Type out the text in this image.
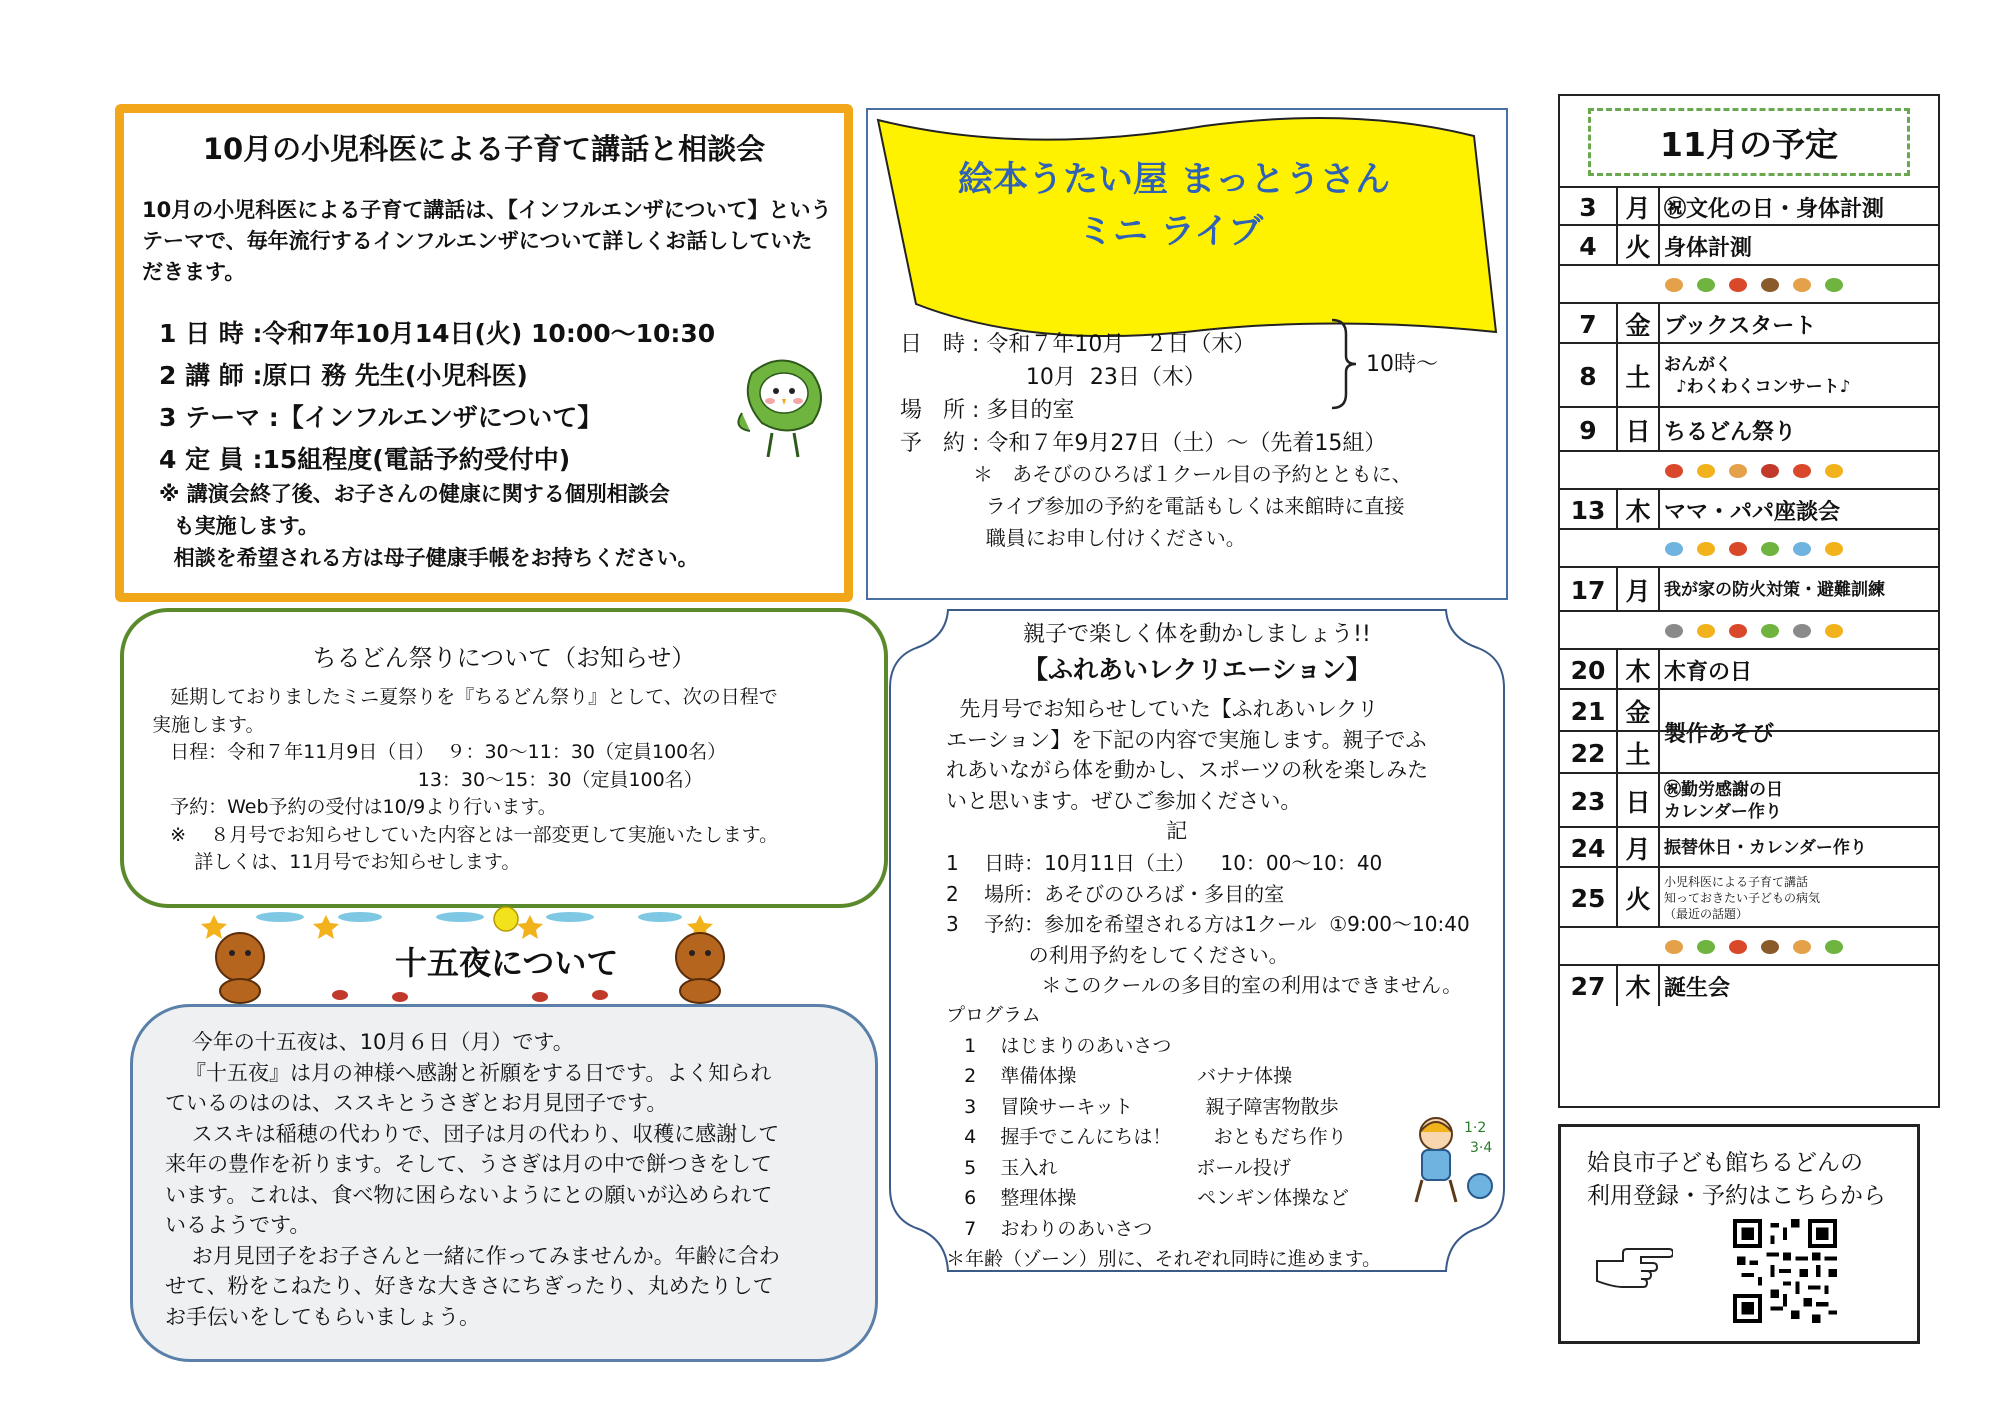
10月の小児科医による子育て講話と相談会
10月の小児科医による子育て講話は、【インフルエンザについて】というテーマで、毎年流行するインフルエンザについて詳しくお話ししていただきます。
1 日 時 :令和7年10月14日(火) 10:00～10:30
2 講 師 :原口 務 先生(小児科医)
3 テーマ :【インフルエンザについて】
4 定 員 :15組程度(電話予約受付中)
※ 講演会終了後、お子さんの健康に関する個別相談会
も実施します。
相談を希望される方は母子健康手帳をお持ちください。
絵本うたい屋 まっとうさん
ミニ ライブ
日   時 : 令和７年10月   ２日（木）
10月  23日（木）
場   所 : 多目的室
予   約 : 令和７年9月27日（土）～（先着15組）
10時～
＊   あそびのひろば１クール目の予約とともに、
ライブ参加の予約を電話もしくは来館時に直接
職員にお申し付けください。
ちるどん祭りについて（お知らせ）
延期しておりましたミニ夏祭りを『ちるどん祭り』として、次の日程で
実施します。
日程：令和７年11月9日（日）  ９：30～11：30（定員100名）
13：30～15：30（定員100名）
予約：Web予約の受付は10/9より行います。
※    ８月号でお知らせしていた内容とは一部変更して実施いたします。
詳しくは、11月号でお知らせします。
十五夜について
今年の十五夜は、10月６日（月）です。
『十五夜』は月の神様へ感謝と祈願をする日です。よく知られ
ているのはのは、ススキとうさぎとお月見団子です。
ススキは稲穂の代わりで、団子は月の代わり、収穫に感謝して
来年の豊作を祈ります。そして、うさぎは月の中で餅つきをして
います。これは、食べ物に困らないようにとの願いが込められて
いるようです。
お月見団子をお子さんと一緒に作ってみませんか。年齢に合わ
せて、粉をこねたり、好きな大きさにちぎったり、丸めたりして
お手伝いをしてもらいましょう。
親子で楽しく体を動かしましょう!!
【ふれあいレクリエーション】
先月号でお知らせしていた【ふれあいレクリ
エーション】を下記の内容で実施します。親子でふ
れあいながら体を動かし、スポーツの秋を楽しみた
いと思います。ぜひご参加ください。
記
1    日時：10月11日（土）    10：00～10：40
2    場所：あそびのひろば・多目的室
3    予約：参加を希望される方は1クール  ①9:00～10:40
の利用予約をしてください。
＊このクールの多目的室の利用はできません。
プログラム
1    はじまりのあいさつ
2    準備体操                    バナナ体操
3    冒険サーキット            親子障害物散歩
4    握手でこんにちは！       おともだち作り
5    玉入れ                       ボール投げ
6    整理体操                    ペンギン体操など
7    おわりのあいさつ
＊年齢（ゾーン）別に、それぞれ同時に進めます。
1·2
3·4
11月の予定
3	月 ㊗文化の日・身体計測
4	火 身体計測
7	金 ブックスタート
8	土 おんがく
♪わくわくコンサート♪
9	日 ちるどん祭り
13 木 ママ・パパ座談会
17 月 我が家の防火対策・避難訓練
20 木 木育の日
21 金
製作あそび
22 土
23 日 ㊗勤労感謝の日
カレンダー作り
24 月 振替休日・カレンダー作り
25 火
小児科医による子育て講話
知っておきたい子どもの病気
（最近の話題）
27 木 誕生会
姶良市子ども館ちるどんの
利用登録・予約はこちらから
